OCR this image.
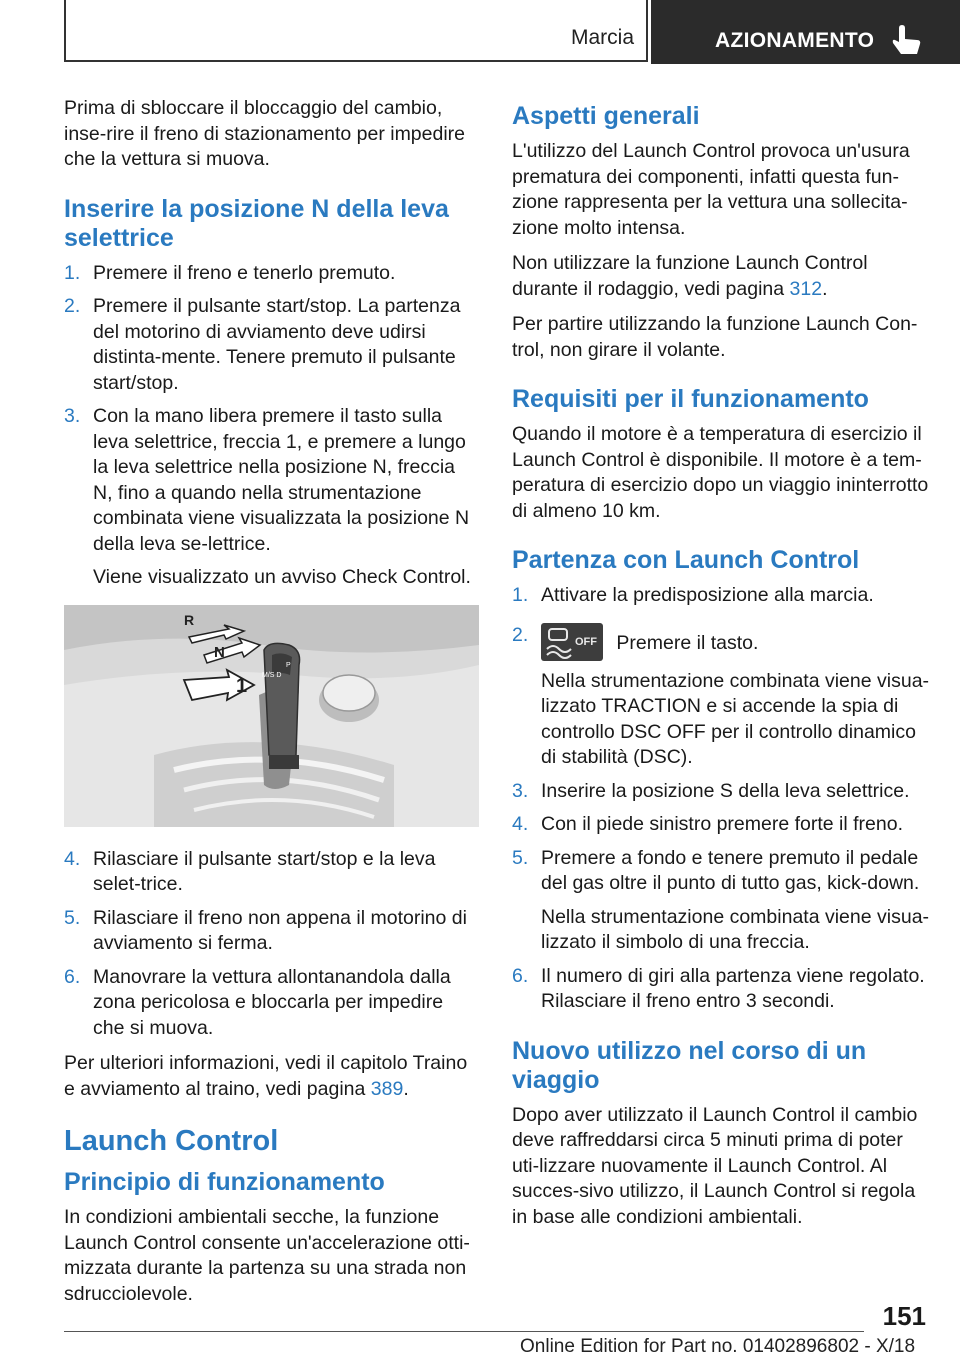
Marcia	AZIONAMENTO

Prima di sbloccare il bloccaggio del cambio, inse-rire il freno di stazionamento per impedire che la vettura si muova.

Inserire la posizione N della leva selettrice
1. Premere il freno e tenerlo premuto.
2. Premere il pulsante start/stop. La partenza del motorino di avviamento deve udirsi distinta-mente. Tenere premuto il pulsante start/stop.
3. Con la mano libera premere il tasto sulla leva selettrice, freccia 1, e premere a lungo la leva selettrice nella posizione N, freccia N, fino a quando nella strumentazione combinata viene visualizzata la posizione N della leva se-lettrice.
Viene visualizzato un avviso Check Control.
R
N
1 M/S D
P
4. Rilasciare il pulsante start/stop e la leva selet-trice.
5. Rilasciare il freno non appena il motorino di avviamento si ferma.
6. Manovrare la vettura allontanandola dalla zona pericolosa e bloccarla per impedire che si muova.

Per ulteriori informazioni, vedi il capitolo Traino e avviamento al traino, vedi pagina 389.

Launch Control
Principio di funzionamento

In condizioni ambientali secche, la funzione Launch Control consente un'accelerazione otti-mizzata durante la partenza su una strada non sdrucciolevole.

Aspetti generali

L'utilizzo del Launch Control provoca un'usura prematura dei componenti, infatti questa fun-zione rappresenta per la vettura una sollecita-zione molto intensa.

Non utilizzare la funzione Launch Control durante il rodaggio, vedi pagina 312.

Per partire utilizzando la funzione Launch Con-trol, non girare il volante.

Requisiti per il funzionamento

Quando il motore è a temperatura di esercizio il Launch Control è disponibile. Il motore è a tem-peratura di esercizio dopo un viaggio ininterrotto di almeno 10 km.

Partenza con Launch Control
1. Attivare la predisposizione alla marcia.
2.	OFF Premere il tasto.
Nella strumentazione combinata viene visua-lizzato TRACTION e si accende la spia di controllo DSC OFF per il controllo dinamico di stabilità (DSC).
3. Inserire la posizione S della leva selettrice.
4. Con il piede sinistro premere forte il freno.
5. Premere a fondo e tenere premuto il pedale del gas oltre il punto di tutto gas, kick-down.
Nella strumentazione combinata viene visua-lizzato il simbolo di una freccia.
6. Il numero di giri alla partenza viene regolato. Rilasciare il freno entro 3 secondi.
Nuovo utilizzo nel corso di un viaggio

Dopo aver utilizzato il Launch Control il cambio deve raffreddarsi circa 5 minuti prima di poter uti-lizzare nuovamente il Launch Control. Al succes-sivo utilizzo, il Launch Control si regola in base alle condizioni ambientali.

151
Online Edition for Part no. 01402896802 - X/18
